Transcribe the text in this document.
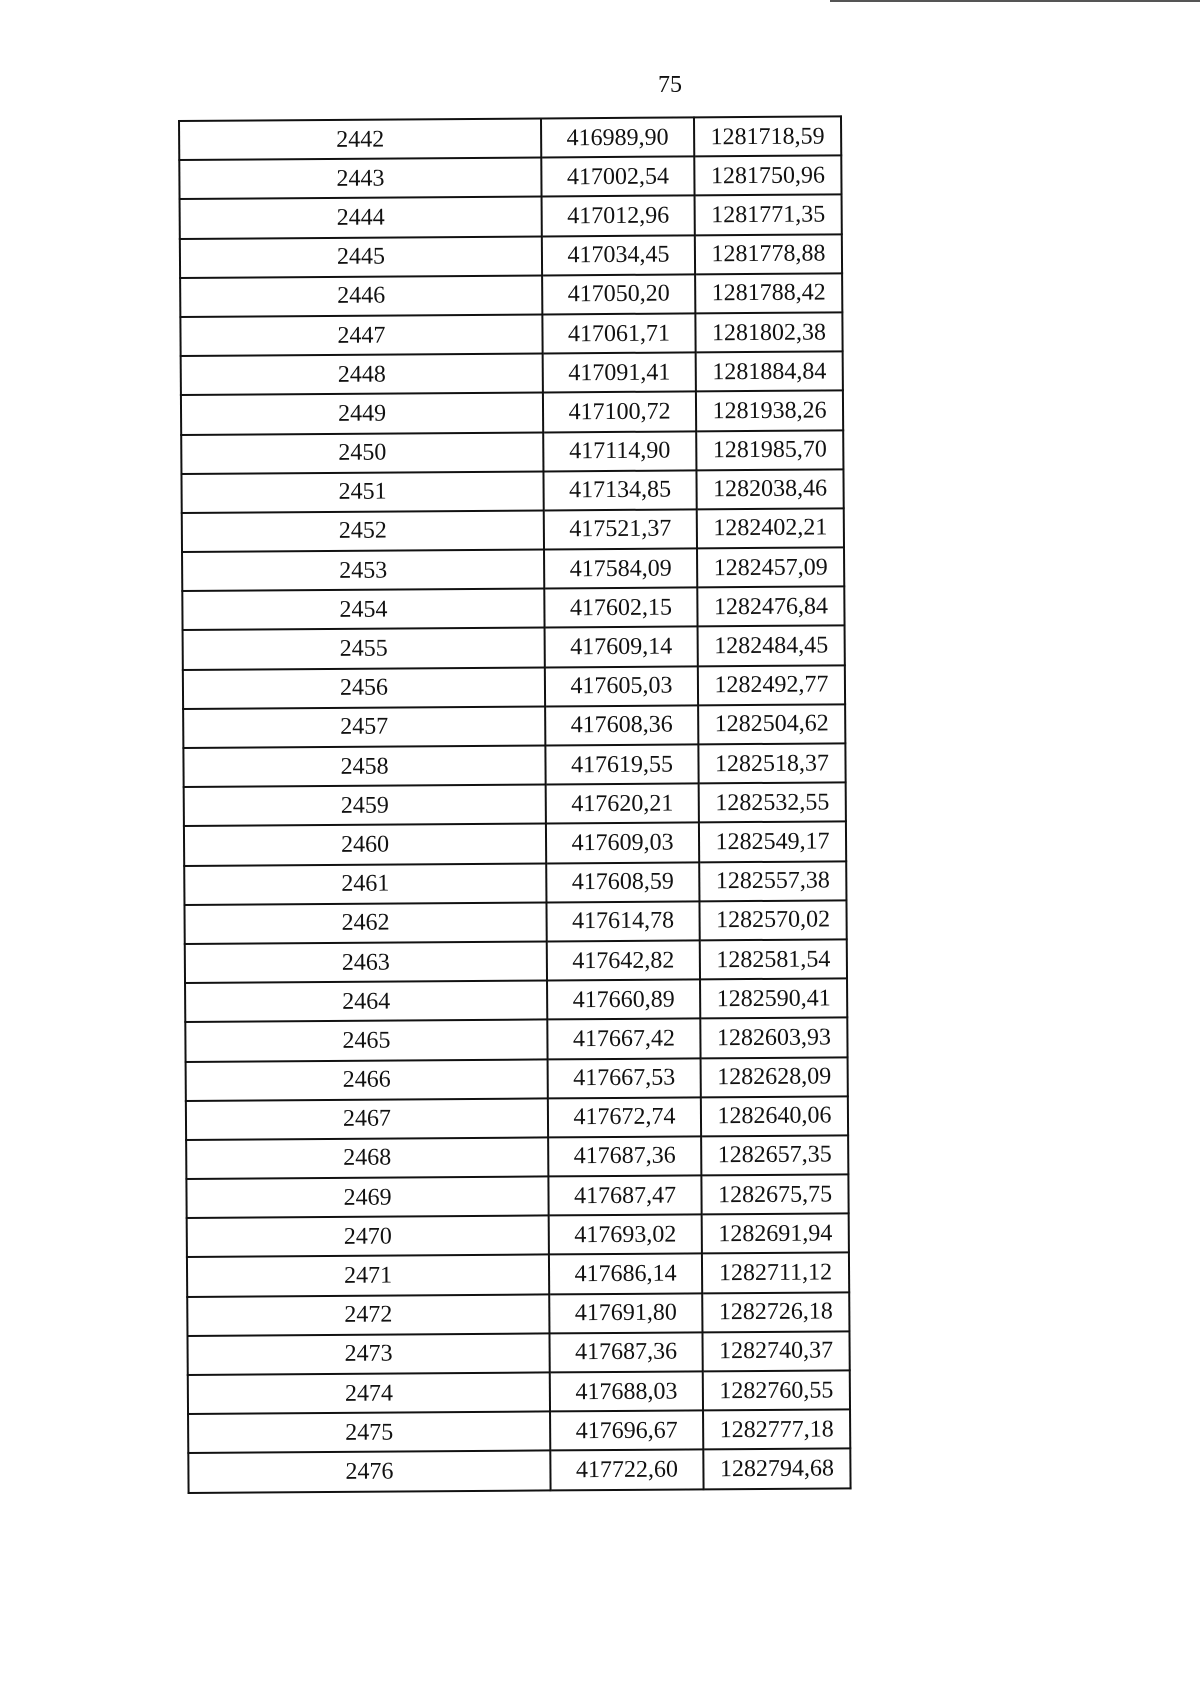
75
2442	416989,90	1281718,59
2443	417002,54	1281750,96
2444	417012,96	1281771,35
2445	417034,45	1281778,88
2446	417050,20	1281788,42
2447	417061,71	1281802,38
2448	417091,41	1281884,84
2449	417100,72	1281938,26
2450	417114,90	1281985,70
2451	417134,85	1282038,46
2452	417521,37	1282402,21
2453	417584,09	1282457,09
2454	417602,15	1282476,84
2455	417609,14	1282484,45
2456	417605,03	1282492,77
2457	417608,36	1282504,62
2458	417619,55	1282518,37
2459	417620,21	1282532,55
2460	417609,03	1282549,17
2461	417608,59	1282557,38
2462	417614,78	1282570,02
2463	417642,82	1282581,54
2464	417660,89	1282590,41
2465	417667,42	1282603,93
2466	417667,53	1282628,09
2467	417672,74	1282640,06
2468	417687,36	1282657,35
2469	417687,47	1282675,75
2470	417693,02	1282691,94
2471	417686,14	1282711,12
2472	417691,80	1282726,18
2473	417687,36	1282740,37
2474	417688,03	1282760,55
2475	417696,67	1282777,18
2476	417722,60	1282794,68
